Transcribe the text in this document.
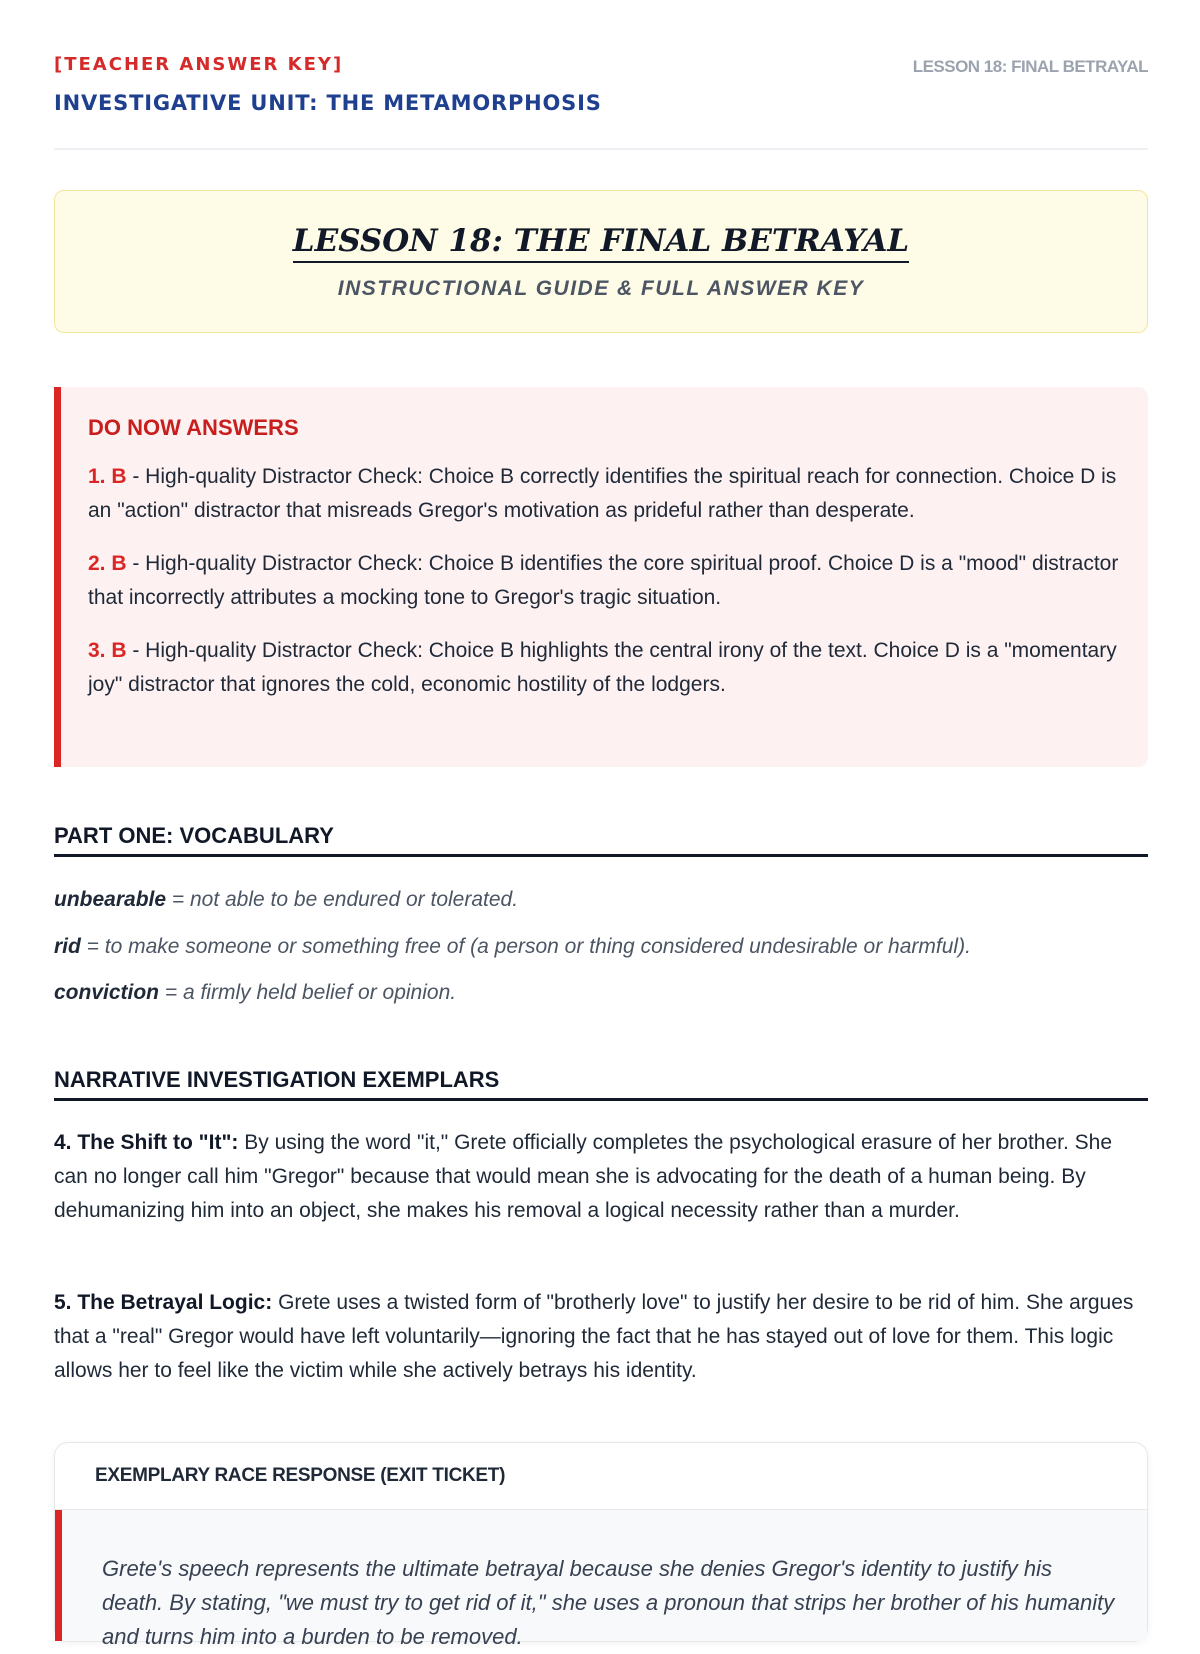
[TEACHER ANSWER KEY]
INVESTIGATIVE UNIT: THE METAMORPHOSIS
LESSON 18: FINAL BETRAYAL
LESSON 18: THE FINAL BETRAYAL
INSTRUCTIONAL GUIDE & FULL ANSWER KEY
DO NOW ANSWERS

1. B - High-quality Distractor Check: Choice B correctly identifies the spiritual reach for connection. Choice D is an "action" distractor that misreads Gregor's motivation as prideful rather than desperate.

2. B - High-quality Distractor Check: Choice B identifies the core spiritual proof. Choice D is a "mood" distractor that incorrectly attributes a mocking tone to Gregor's tragic situation.

3. B - High-quality Distractor Check: Choice B highlights the central irony of the text. Choice D is a "momentary joy" distractor that ignores the cold, economic hostility of the lodgers.

PART ONE: VOCABULARY
unbearable = not able to be endured or tolerated.
rid = to make someone or something free of (a person or thing considered undesirable or harmful).
conviction = a firmly held belief or opinion.
NARRATIVE INVESTIGATION EXEMPLARS
4. The Shift to "It": By using the word "it," Grete officially completes the psychological erasure of her brother. She can no longer call him "Gregor" because that would mean she is advocating for the death of a human being. By dehumanizing him into an object, she makes his removal a logical necessity rather than a murder.
5. The Betrayal Logic: Grete uses a twisted form of "brotherly love" to justify her desire to be rid of him. She argues that a "real" Gregor would have left voluntarily—ignoring the fact that he has stayed out of love for them. This logic allows her to feel like the victim while she actively betrays his identity.
EXEMPLARY RACE RESPONSE (EXIT TICKET)
Grete's speech represents the ultimate betrayal because she denies Gregor's identity to justify his death. By stating, "we must try to get rid of it," she uses a pronoun that strips her brother of his humanity and turns him into a burden to be removed.
